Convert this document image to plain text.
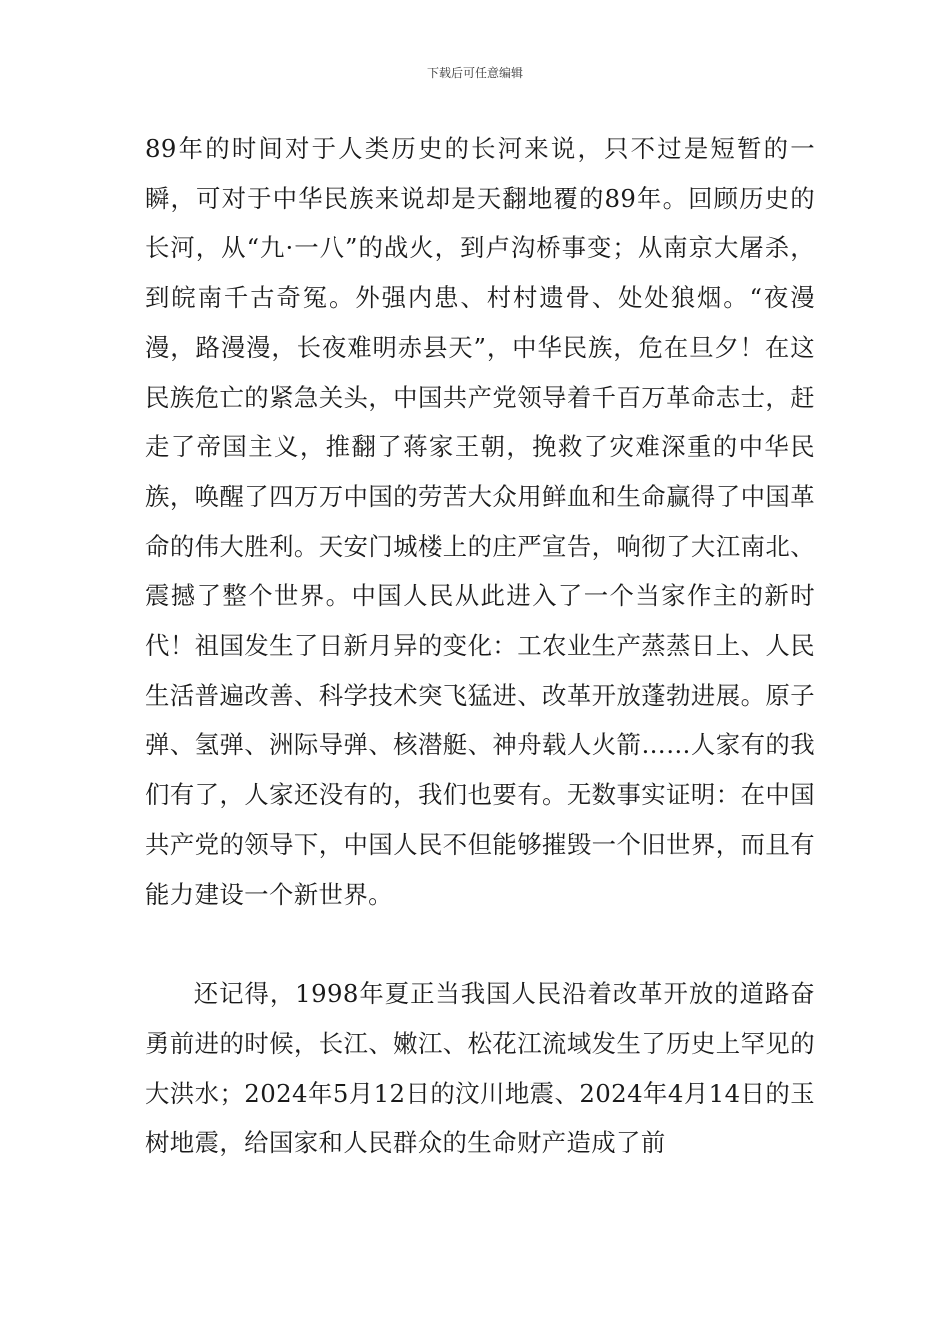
下载后可任意编辑

89年的时间对于人类历史的长河来说，只不过是短暂的一瞬，可对于中华民族来说却是天翻地覆的89年。回顾历史的长河，从“九·一八”的战火，到卢沟桥事变；从南京大屠杀，到皖南千古奇冤。外强内患、村村遗骨、处处狼烟。“夜漫漫，路漫漫，长夜难明赤县天”，中华民族，危在旦夕！在这民族危亡的紧急关头，中国共产党领导着千百万革命志士，赶走了帝国主义，推翻了蒋家王朝，挽救了灾难深重的中华民族，唤醒了四万万中国的劳苦大众用鲜血和生命赢得了中国革命的伟大胜利。天安门城楼上的庄严宣告，响彻了大江南北、震撼了整个世界。中国人民从此进入了一个当家作主的新时代！祖国发生了日新月异的变化：工农业生产蒸蒸日上、人民生活普遍改善、科学技术突飞猛进、改革开放蓬勃进展。原子弹、氢弹、洲际导弹、核潜艇、神舟载人火箭……人家有的我们有了，人家还没有的，我们也要有。无数事实证明：在中国共产党的领导下，中国人民不但能够摧毁一个旧世界，而且有能力建设一个新世界。

还记得，1998年夏正当我国人民沿着改革开放的道路奋勇前进的时候，长江、嫩江、松花江流域发生了历史上罕见的大洪水；2024年5月12日的汶川地震、2024年4月14日的玉树地震，给国家和人民群众的生命财产造成了前
